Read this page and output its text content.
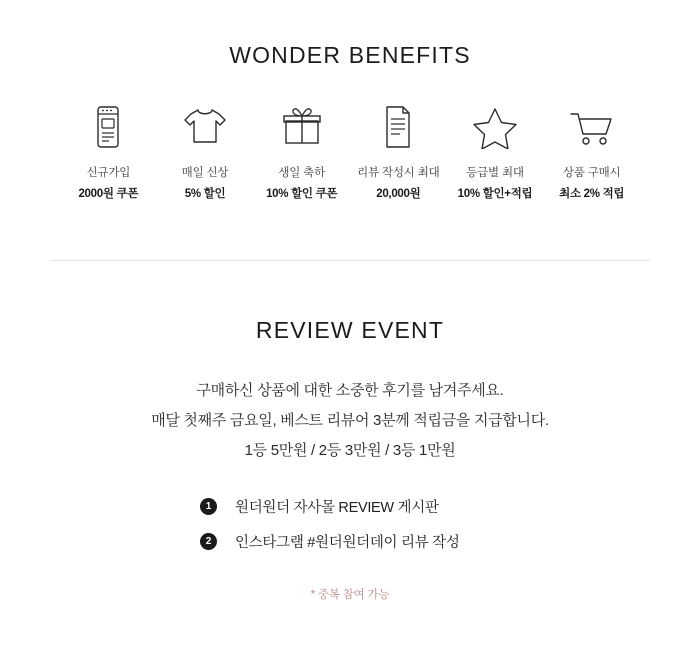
WONDER BENEFITS
신규가입
2000원 쿠폰
매일 신상
5% 할인
생일 축하
10% 할인 쿠폰
리뷰 작성시 최대
20,000원
등급별 최대
10% 할인+적립
상품 구매시
최소 2% 적립
REVIEW EVENT
구매하신 상품에 대한 소중한 후기를 남겨주세요.
매달 첫째주 금요일, 베스트 리뷰어 3분께 적립금을 지급합니다.
1등 5만원 / 2등 3만원 / 3등 1만원
1	원더원더 자사몰 REVIEW 게시판
2	인스타그램 #원더원더데이 리뷰 작성
* 중복 참여 가능
